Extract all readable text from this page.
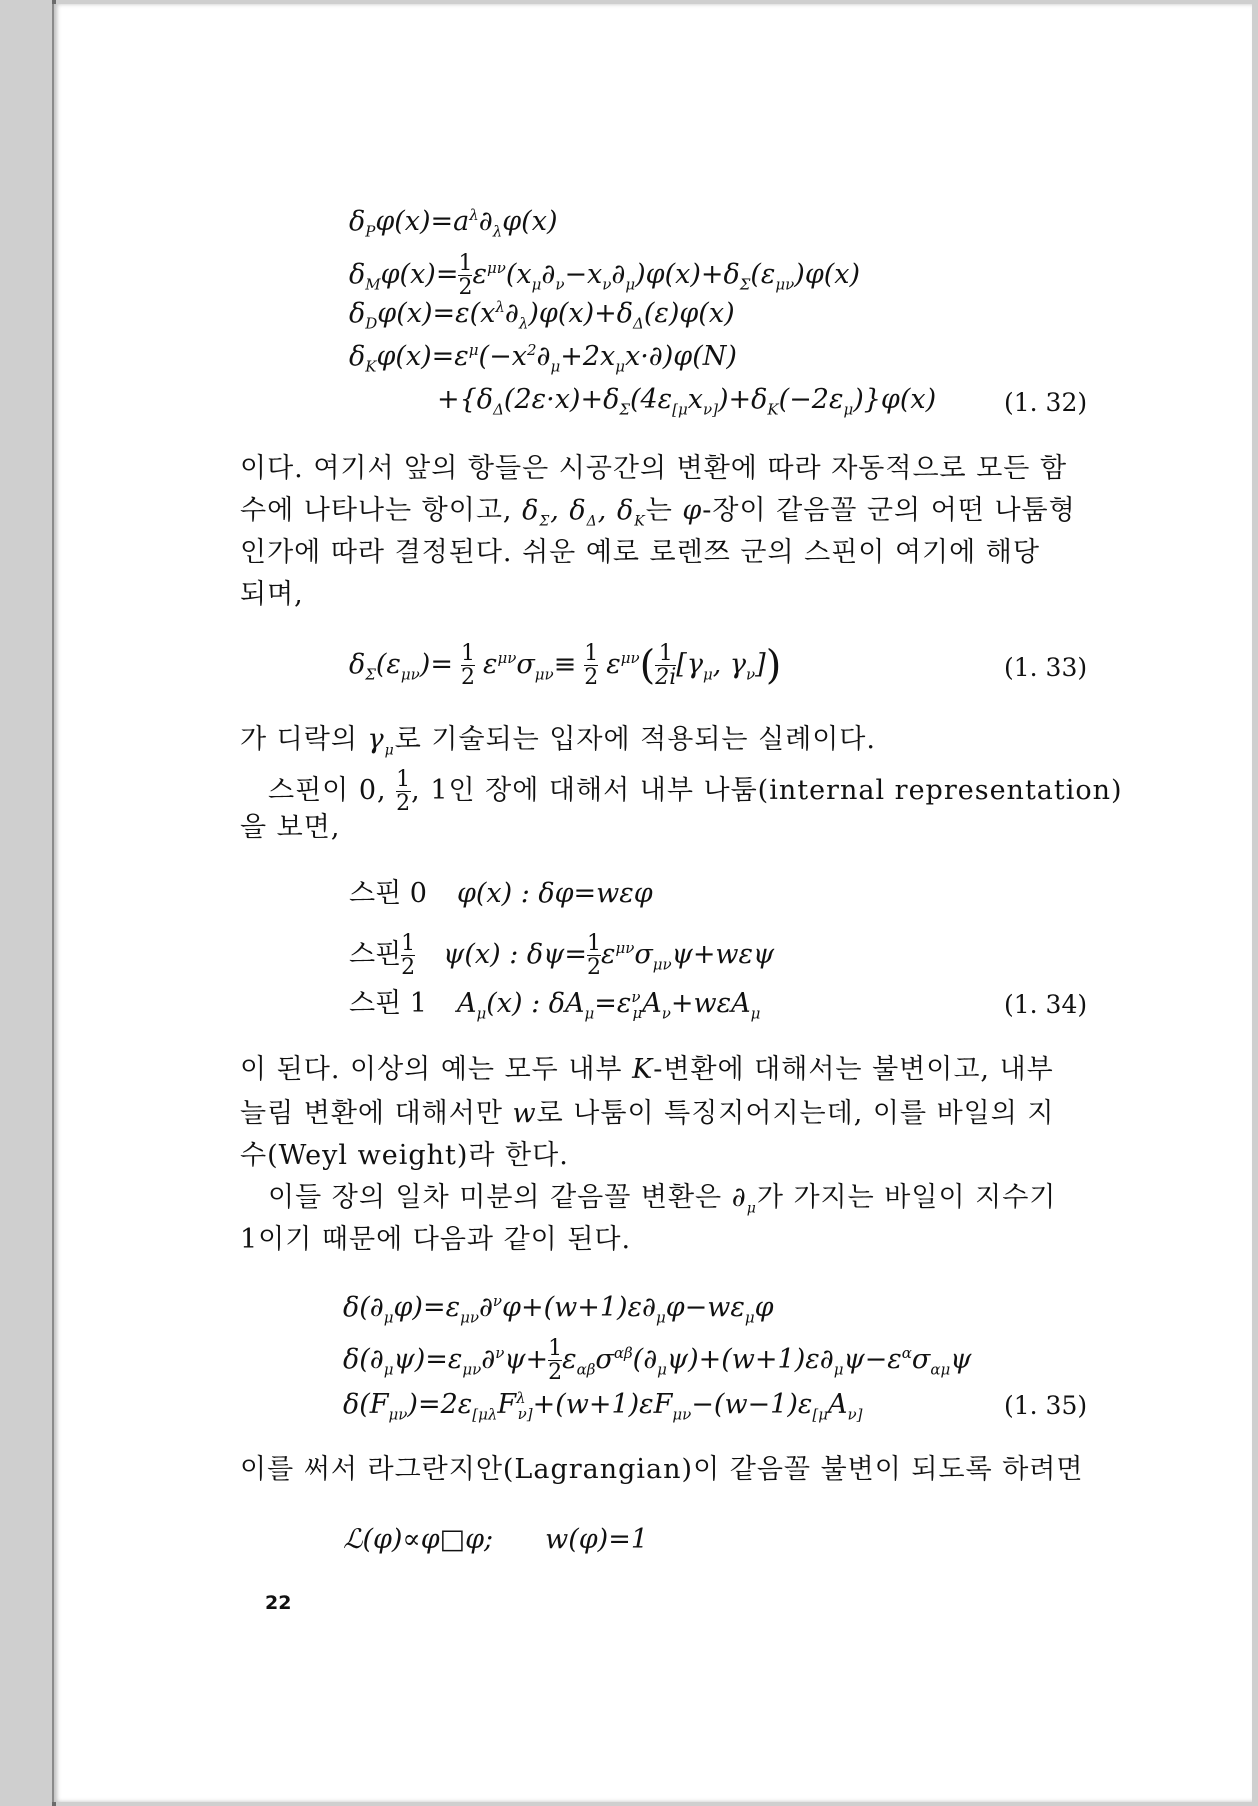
$\delta_P\varphi(x)=a^\lambda\partial_\lambda\varphi(x)$
$\delta_M\varphi(x)= \frac{1}{2} \varepsilon^{\mu\nu}(x_\mu\partial_\nu-x_\nu\partial_\mu)\varphi(x)+\delta_\Sigma(\varepsilon_{\mu\nu})\varphi(x)$
$\delta_D\varphi(x)=\varepsilon(x^\lambda\partial_\lambda)\varphi(x)+\delta_\Delta(\varepsilon)\varphi(x)$
$\delta_K\varphi(x)=\varepsilon^\mu(-x^2\partial_\mu+2x_\mu x\cdot\partial)\varphi(N)$
$+\{\delta_\Delta(2\varepsilon\cdot x)+\delta_\Sigma(4\varepsilon_{[\mu}x_{\nu]})+\delta_K(-2\varepsilon_\mu)\}\varphi(x)$	(1. 32)
이다. 여기서 앞의 항들은 시공간의 변환에 따라 자동적으로 모든 함
수에 나타나는 항이고, $\delta_\Sigma$, $\delta_\Delta$, $\delta_K$는 φ-장이 같음꼴 군의 어떤 나툼형
인가에 따라 결정된다. 쉬운 예로 로렌쯔 군의 스핀이 여기에 해당
되며,
$\delta_\Sigma(\varepsilon_{\mu\nu})= \frac{1}{2} \varepsilon^{\mu\nu}\sigma_{\mu\nu}\equiv \frac{1}{2} \varepsilon^{\mu\nu}( \frac{1}{2i} [\gamma_\mu$, $\gamma_\nu$])	(1. 33)
가 디락의 $\gamma_\mu$로 기술되는 입자에 적용되는 실례이다.
스핀이 0, $\frac{1}{2}$ , 1인 장에 대해서 내부 나툼(internal representation)
을 보면,
스핀 0 φ(x) : δφ=wεφ
스핀 $\frac{1}{2} \psi(x)$ : $\delta\psi= \frac{1}{2} \varepsilon^{\mu\nu}\sigma_{\mu\nu}\psi+w\varepsilon\psi$
스핀 1 $A_\mu(x)$ : $\delta A_\mu=\varepsilon^\nu_\mu A_\nu+w\varepsilon A_\mu$	(1. 34)
이 된다. 이상의 예는 모두 내부 K-변환에 대해서는 불변이고, 내부
늘림 변환에 대해서만 w로 나툼이 특징지어지는데, 이를 바일의 지
수(Weyl weight)라 한다.
이들 장의 일차 미분의 같음꼴 변환은 $\partial_\mu$가 가지는 바일이 지수기
1이기 때문에 다음과 같이 된다.
$\delta(\partial_\mu\varphi)=\varepsilon_{\mu\nu}\partial^\nu\varphi+(w+1)\varepsilon\partial_\mu\varphi-w\varepsilon_\mu\varphi$
$\delta(\partial_\mu\psi)=\varepsilon_{\mu\nu}\partial^\nu\psi+ \frac{1}{2} \varepsilon_{\alpha\beta}\sigma^{\alpha\beta}(\partial_\mu\psi)+(w+1)\varepsilon\partial_\mu\psi-\varepsilon^\alpha\sigma_{\alpha\mu}\psi$
$\delta(F_{\mu\nu})=2\varepsilon_{[\mu\lambda}F^\lambda_{\nu]}+(w+1)\varepsilon F_{\mu\nu}-(w-1)\varepsilon_{[\mu}A_{\nu]}$	(1. 35)
이를 써서 라그란지안(Lagrangian)이 같음꼴 불변이 되도록 하려면
ℒ(φ)∝φ□φ; w(φ)=1
22
